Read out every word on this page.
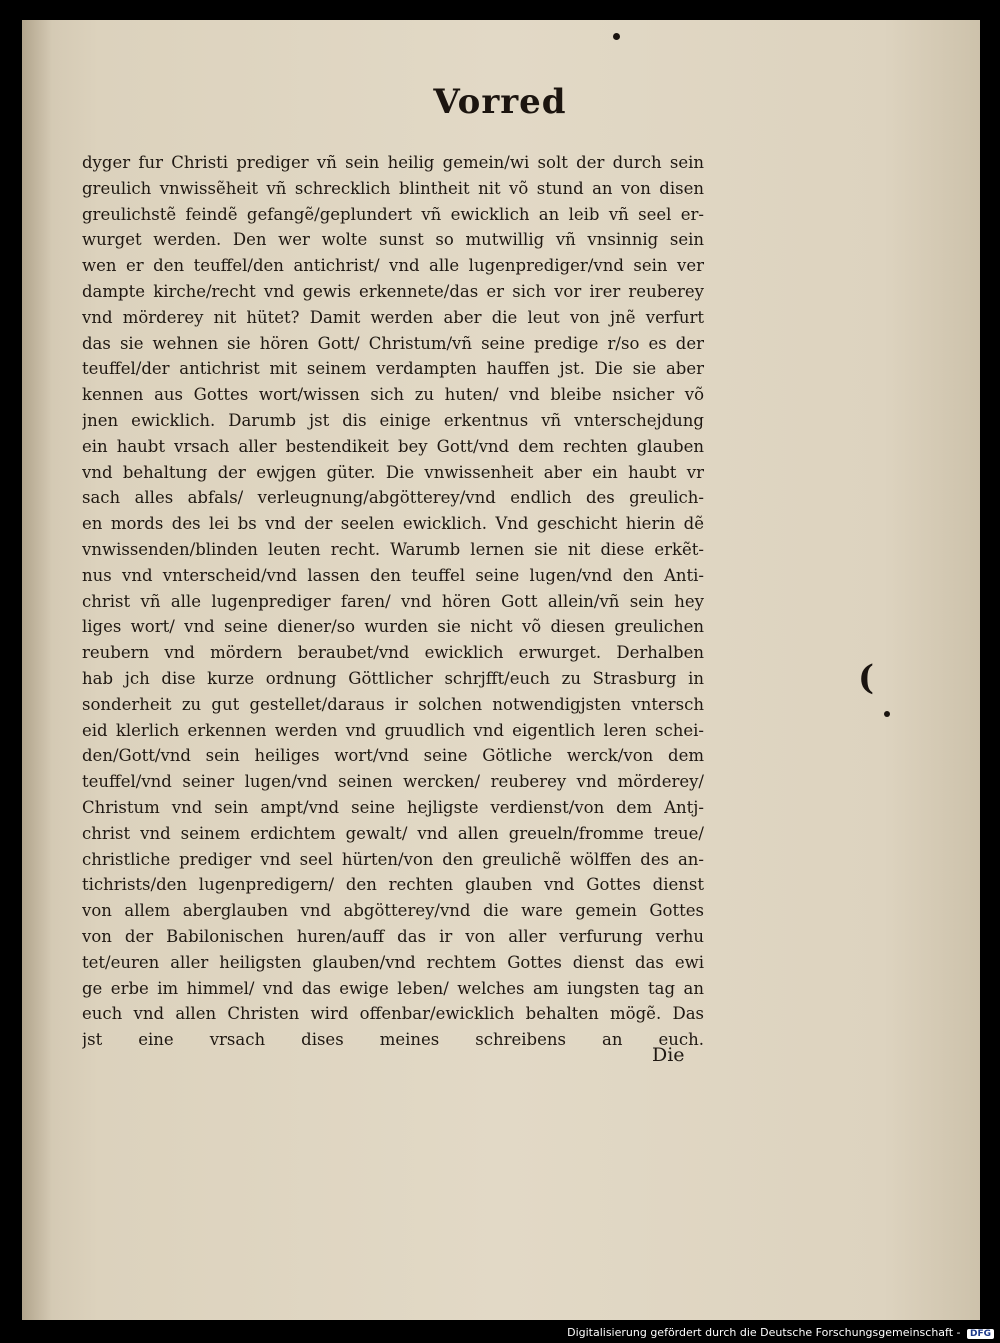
Vorred
dyger fur Christi prediger vñ sein heilig gemein/wi solt der durch sein
greulich vnwissẽheit vñ schrecklich blintheit nit võ stund an von disen
greulichstẽ feindẽ gefangẽ/geplundert vñ ewicklich an leib vñ seel er-
wurget werden. Den wer wolte sunst so mutwillig vñ vnsinnig sein
wen er den teuffel/den antichrist/ vnd alle lugenprediger/vnd sein ver
dampte kirche/recht vnd gewis erkennete/das er sich vor irer reuberey
vnd mörderey nit hütet? Damit werden aber die leut von jnẽ verfurt
das sie wehnen sie hören Gott/ Christum/vñ seine predige r/so es der
teuffel/der antichrist mit seinem verdampten hauffen jst. Die sie aber
kennen aus Gottes wort/wissen sich zu huten/ vnd bleibe nsicher võ
jnen ewicklich. Darumb jst dis einige erkentnus vñ vnterschejdung
ein haubt vrsach aller bestendikeit bey Gott/vnd dem rechten glauben
vnd behaltung der ewjgen güter. Die vnwissenheit aber ein haubt vr
sach alles abfals/ verleugnung/abgötterey/vnd endlich des greulich-
en mords des lei bs vnd der seelen ewicklich. Vnd geschicht hierin dẽ
vnwissenden/blinden leuten recht. Warumb lernen sie nit diese erkẽt-
nus vnd vnterscheid/vnd lassen den teuffel seine lugen/vnd den Anti-
christ vñ alle lugenprediger faren/ vnd hören Gott allein/vñ sein hey
liges wort/ vnd seine diener/so wurden sie nicht võ diesen greulichen
reubern vnd mördern beraubet/vnd ewicklich erwurget. Derhalben
hab jch dise kurze ordnung Göttlicher schrjfft/euch zu Strasburg in
sonderheit zu gut gestellet/daraus ir solchen notwendigjsten vntersch
eid klerlich erkennen werden vnd gruudlich vnd eigentlich leren schei-
den/Gott/vnd sein heiliges wort/vnd seine Götliche werck/von dem
teuffel/vnd seiner lugen/vnd seinen wercken/ reuberey vnd mörderey/
Christum vnd sein ampt/vnd seine hejligste verdienst/von dem Antj-
christ vnd seinem erdichtem gewalt/ vnd allen greueln/fromme treue/
christliche prediger vnd seel hürten/von den greulichẽ wölffen des an-
tichrists/den lugenpredigern/ den rechten glauben vnd Gottes dienst
von allem aberglauben vnd abgötterey/vnd die ware gemein Gottes
von der Babilonischen huren/auff das ir von aller verfurung verhu
tet/euren aller heiligsten glauben/vnd rechtem Gottes dienst das ewi
ge erbe im himmel/ vnd das ewige leben/ welches am iungsten tag an
euch vnd allen Christen wird offenbar/ewicklich behalten mögẽ. Das
jst eine vrsach dises meines schreibens an euch.
Die
(
Digitalisierung gefördert durch die Deutsche Forschungsgemeinschaft - DFG
